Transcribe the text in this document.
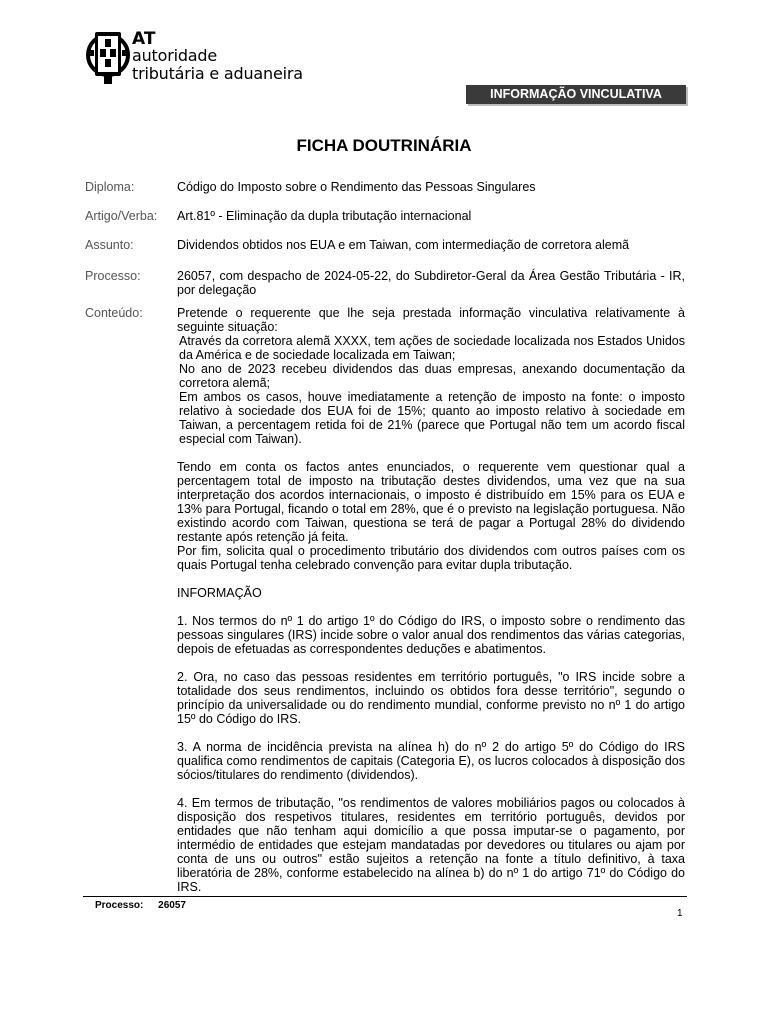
AT
autoridade
tributária e aduaneira
INFORMAÇÃO VINCULATIVA
FICHA DOUTRINÁRIA
Diploma:	Código do Imposto sobre o Rendimento das Pessoas Singulares
Artigo/Verba:	Art.81º - Eliminação da dupla tributação internacional
Assunto:	Dividendos obtidos nos EUA e em Taiwan, com intermediação de corretora alemã
Processo:	26057, com despacho de 2024-05-22, do Subdiretor-Geral da Área Gestão Tributária - IR, por delegação
Conteúdo:	Pretende o requerente que lhe seja prestada informação vinculativa relativamente à seguinte situação:

Através da corretora alemã XXXX, tem ações de sociedade localizada nos Estados Unidos da América e de sociedade localizada em Taiwan;

No ano de 2023 recebeu dividendos das duas empresas, anexando documentação da corretora alemã;

Em ambos os casos, houve imediatamente a retenção de imposto na fonte: o imposto relativo à sociedade dos EUA foi de 15%; quanto ao imposto relativo à sociedade em Taiwan, a percentagem retida foi de 21% (parece que Portugal não tem um acordo fiscal especial com Taiwan).

Tendo em conta os factos antes enunciados, o requerente vem questionar qual a percentagem total de imposto na tributação destes dividendos, uma vez que na sua interpretação dos acordos internacionais, o imposto é distribuído em 15% para os EUA e 13% para Portugal, ficando o total em 28%, que é o previsto na legislação portuguesa. Não existindo acordo com Taiwan, questiona se terá de pagar a Portugal 28% do dividendo restante após retenção já feita.

Por fim, solicita qual o procedimento tributário dos dividendos com outros países com os quais Portugal tenha celebrado convenção para evitar dupla tributação.

INFORMAÇÃO

1. Nos termos do nº 1 do artigo 1º do Código do IRS, o imposto sobre o rendimento das pessoas singulares (IRS) incide sobre o valor anual dos rendimentos das várias categorias, depois de efetuadas as correspondentes deduções e abatimentos.

2. Ora, no caso das pessoas residentes em território português, "o IRS incide sobre a totalidade dos seus rendimentos, incluindo os obtidos fora desse território", segundo o princípio da universalidade ou do rendimento mundial, conforme previsto no nº 1 do artigo 15º do Código do IRS.

3. A norma de incidência prevista na alínea h) do nº 2 do artigo 5º do Código do IRS qualifica como rendimentos de capitais (Categoria E), os lucros colocados à disposição dos sócios/titulares do rendimento (dividendos).

4. Em termos de tributação, "os rendimentos de valores mobiliários pagos ou colocados à disposição dos respetivos titulares, residentes em território português, devidos por entidades que não tenham aqui domicílio a que possa imputar-se o pagamento, por intermédio de entidades que estejam mandatadas por devedores ou titulares ou ajam por conta de uns ou outros" estão sujeitos a retenção na fonte a título definitivo, à taxa liberatória de 28%, conforme estabelecido na alínea b) do nº 1 do artigo 71º do Código do IRS.

Processo: 26057
1
